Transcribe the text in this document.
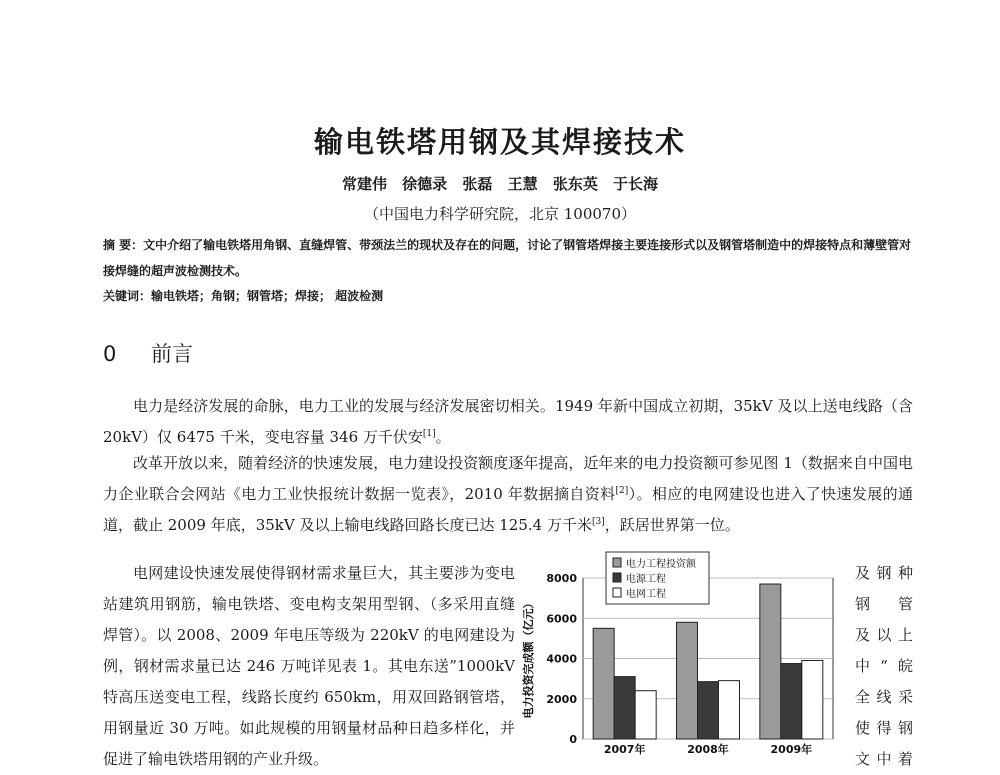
输电铁塔用钢及其焊接技术
常建伟 徐德录 张磊 王慧 张东英 于长海
（中国电力科学研究院，北京 100070）
摘 要：文中介绍了输电铁塔用角钢、直缝焊管、带颈法兰的现状及存在的问题，讨论了钢管塔焊接主要连接形式以及钢管塔制造中的焊接特点和薄壁管对接焊缝的超声波检测技术。
关键词：输电铁塔；角钢；钢管塔；焊接； 超波检测
0 前言

电力是经济发展的命脉，电力工业的发展与经济发展密切相关。1949 年新中国成立初期，35kV 及以上送电线路（含 20kV）仅 6475 千米，变电容量 346 万千伏安[1]。

改革开放以来，随着经济的快速发展，电力建设投资额度逐年提高，近年来的电力投资额可参见图 1（数据来自中国电力企业联合会网站《电力工业快报统计数据一览表》，2010 年数据摘自资料[2]）。相应的电网建设也进入了快速发展的通道，截止 2009 年底，35kV 及以上输电线路回路长度已达 125.4 万千米[3]，跃居世界第一位。

电网建设快速发展使得钢材需求量巨大，其主要涉为变电站建筑用钢筋，输电铁塔、变电构支架用型钢、（多采用直缝焊管）。以 2008、2009 年电压等级为 220kV 的电网建设为例，钢材需求量已达 246 万吨详见表 1。其电东送”1000kV 特高压送变电工程，线路长度约 650km，用双回路钢管塔，用钢量近 30 万吨。如此规模的用钢量材品种日趋多样化，并促进了输电铁塔用钢的产业升级。

及钢种
钢 管
及以上
中“皖
全线采
使得钢
文中着
0
2000
4000
6000
8000
2007年	2008年	2009年
电力投资完成额（亿元）
电力工程投资额
电源工程
电网工程
